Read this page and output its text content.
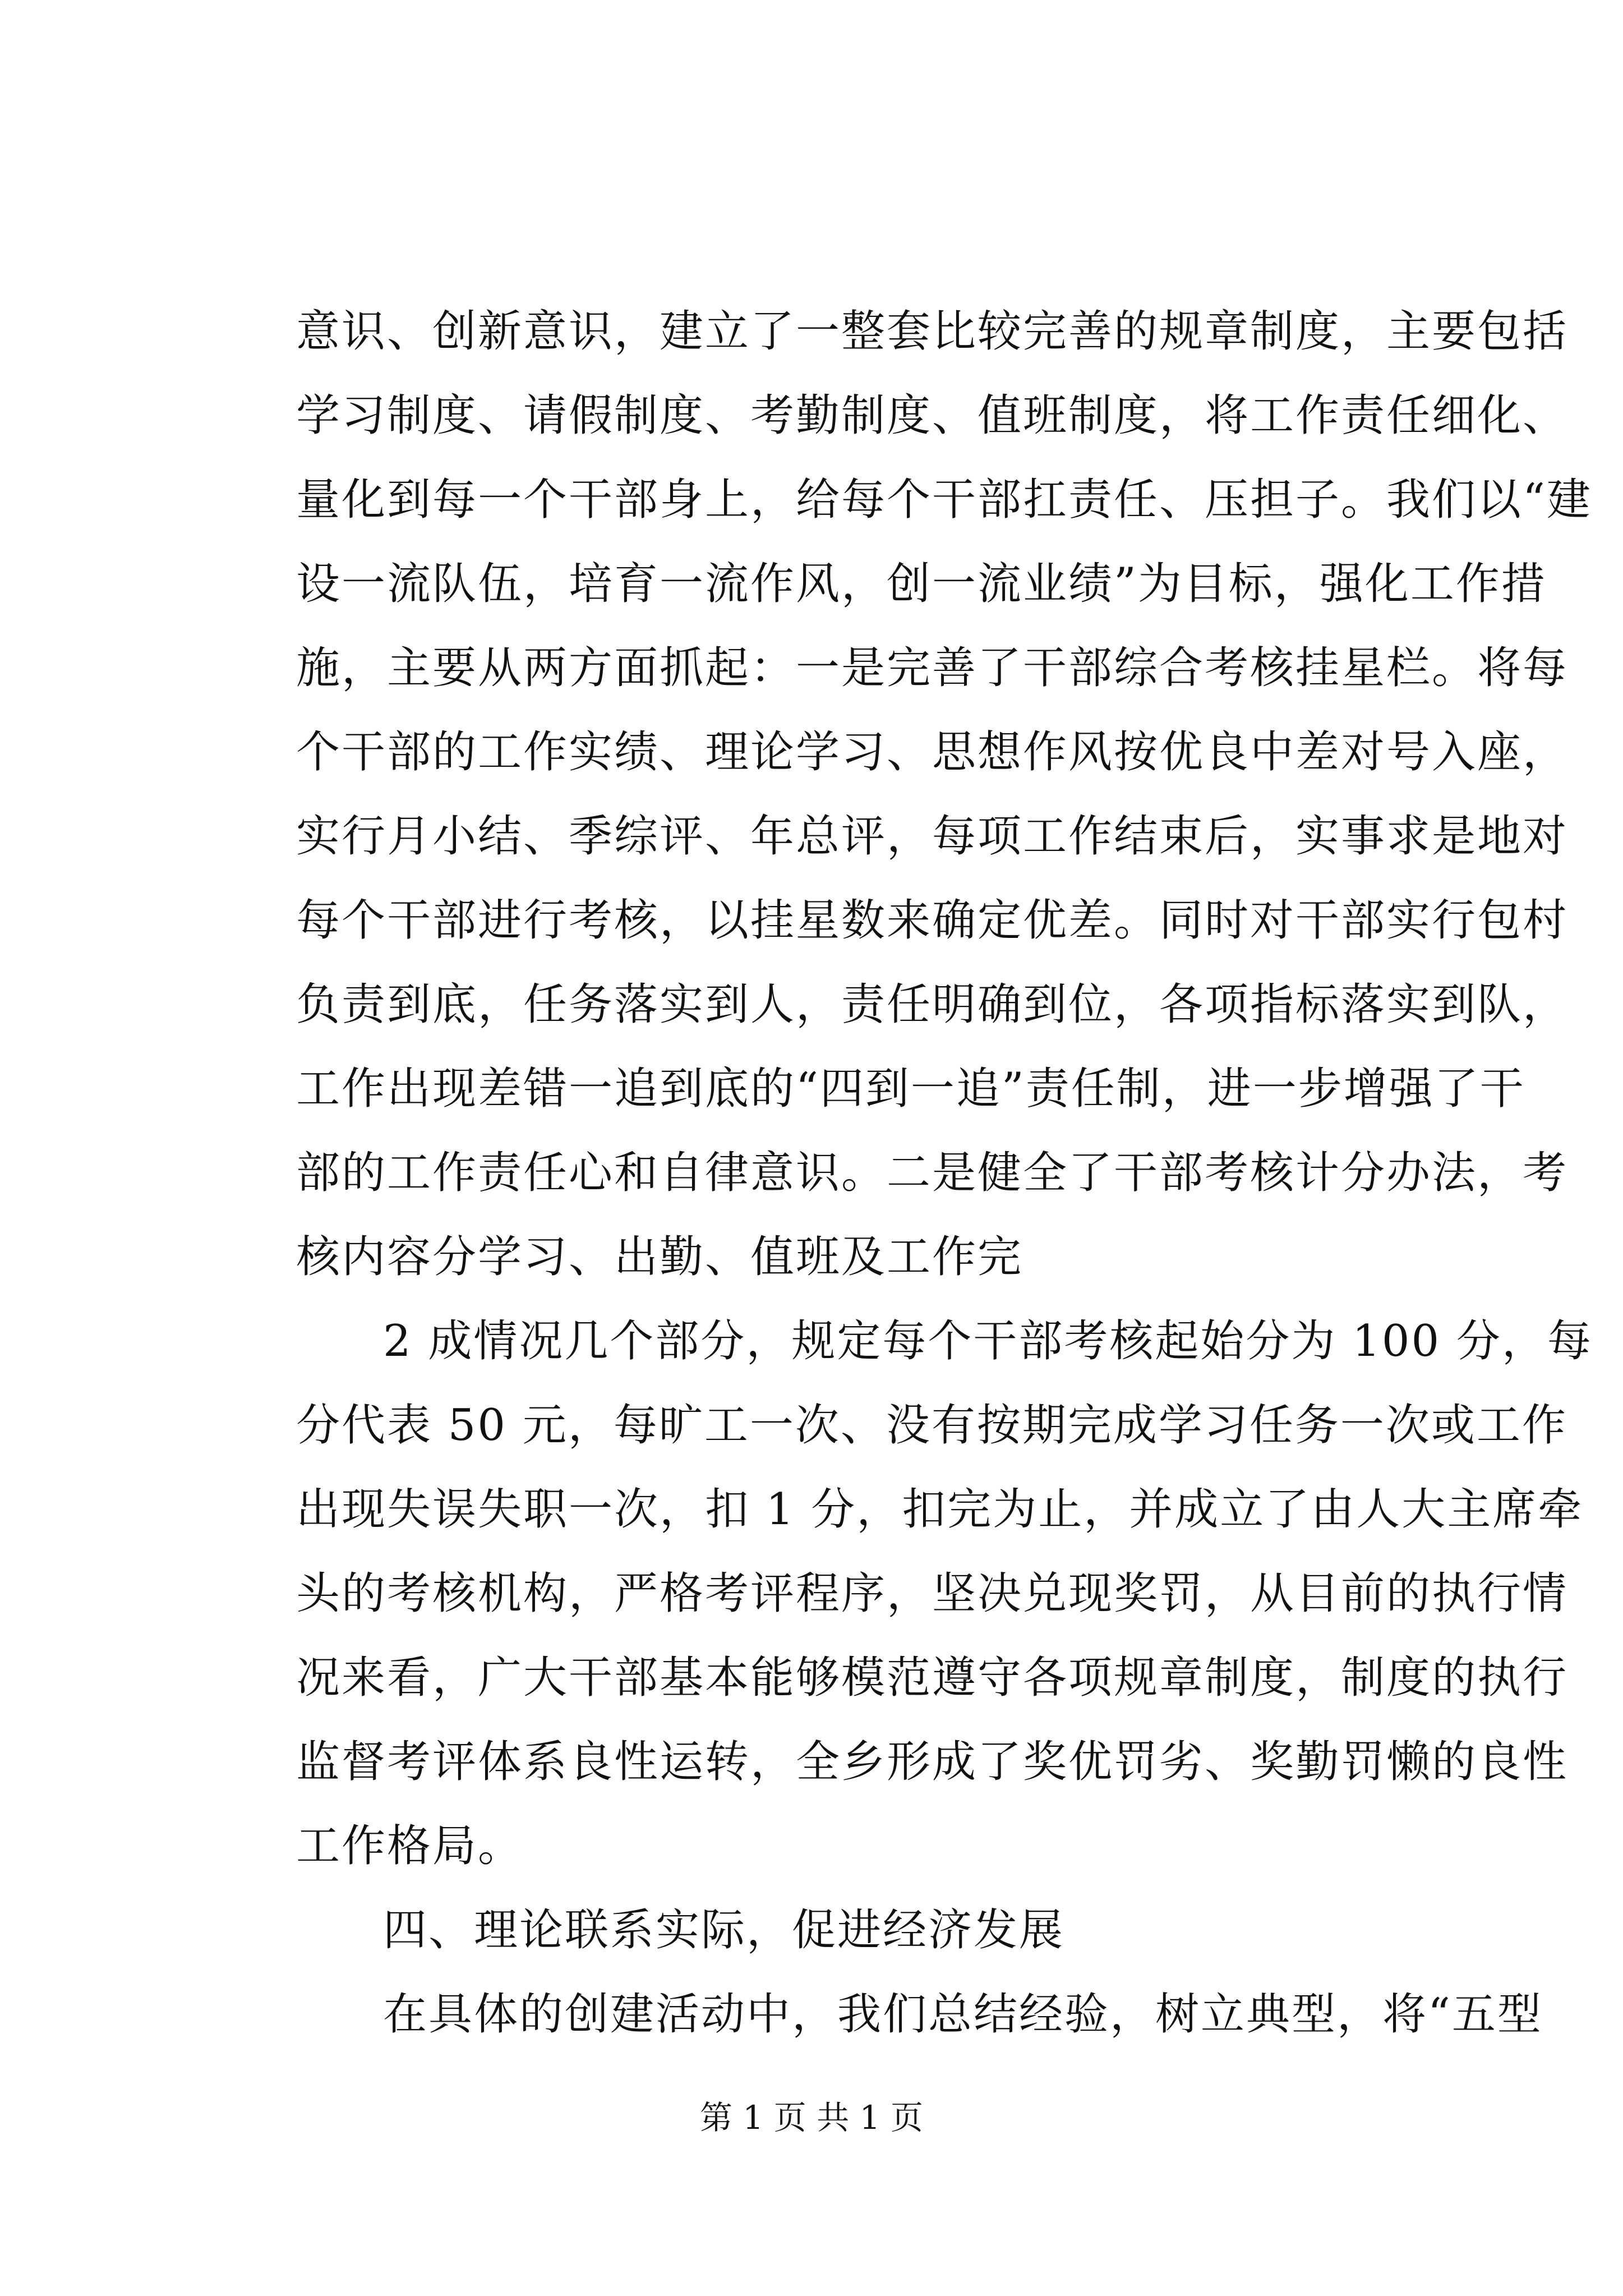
意识、创新意识，建立了一整套比较完善的规章制度，主要包括
学习制度、请假制度、考勤制度、值班制度，将工作责任细化、
量化到每一个干部身上，给每个干部扛责任、压担子。我们以“建
设一流队伍，培育一流作风，创一流业绩”为目标，强化工作措
施，主要从两方面抓起：一是完善了干部综合考核挂星栏。将每
个干部的工作实绩、理论学习、思想作风按优良中差对号入座，
实行月小结、季综评、年总评，每项工作结束后，实事求是地对
每个干部进行考核，以挂星数来确定优差。同时对干部实行包村
负责到底，任务落实到人，责任明确到位，各项指标落实到队，
工作出现差错一追到底的“四到一追”责任制，进一步增强了干
部的工作责任心和自律意识。二是健全了干部考核计分办法，考
核内容分学习、出勤、值班及工作完
2 成情况几个部分，规定每个干部考核起始分为 100 分，每
分代表 50 元，每旷工一次、没有按期完成学习任务一次或工作
出现失误失职一次，扣 1 分，扣完为止，并成立了由人大主席牵
头的考核机构，严格考评程序，坚决兑现奖罚，从目前的执行情
况来看，广大干部基本能够模范遵守各项规章制度，制度的执行
监督考评体系良性运转，全乡形成了奖优罚劣、奖勤罚懒的良性
工作格局。
四、理论联系实际，促进经济发展
在具体的创建活动中，我们总结经验，树立典型，将“五型
第 1 页 共 1 页
